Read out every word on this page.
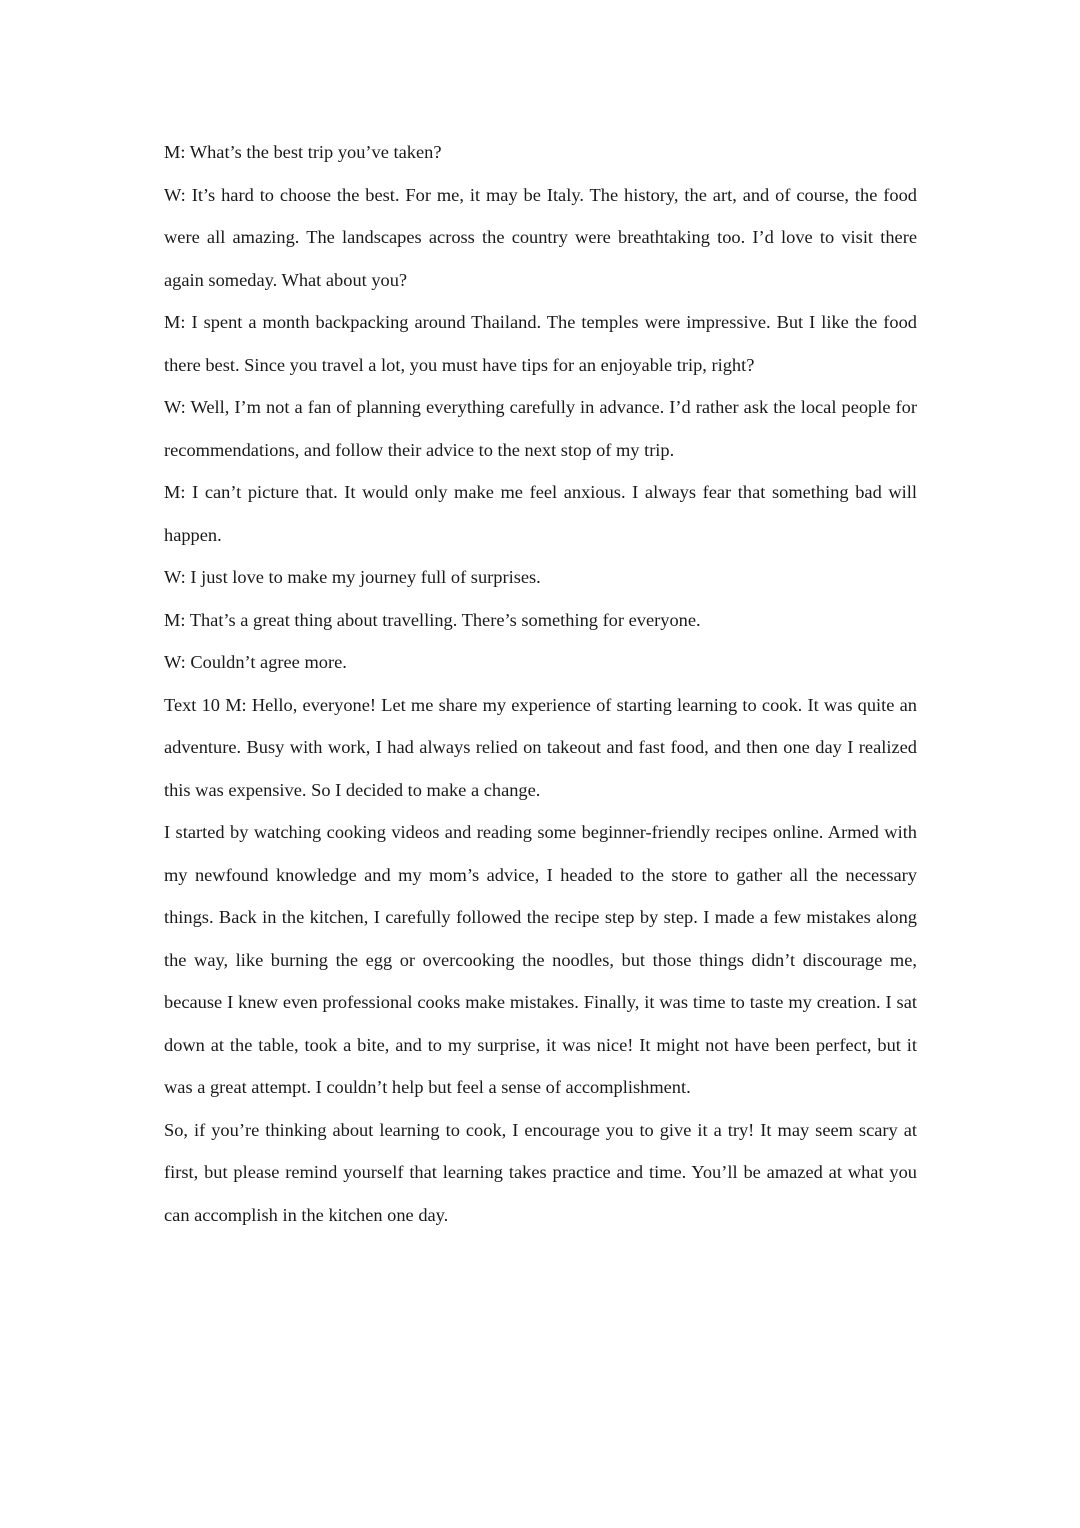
M: What’s the best trip you’ve taken?

W: It’s hard to choose the best. For me, it may be Italy. The history, the art, and of course, the food were all amazing. The landscapes across the country were breathtaking too. I’d love to visit there again someday. What about you?

M: I spent a month backpacking around Thailand. The temples were impressive. But I like the food there best. Since you travel a lot, you must have tips for an enjoyable trip, right?

W: Well, I’m not a fan of planning everything carefully in advance. I’d rather ask the local people for recommendations, and follow their advice to the next stop of my trip.

M: I can’t picture that. It would only make me feel anxious. I always fear that something bad will happen.

W: I just love to make my journey full of surprises.

M: That’s a great thing about travelling. There’s something for everyone.

W: Couldn’t agree more.

Text 10 M: Hello, everyone! Let me share my experience of starting learning to cook. It was quite an adventure. Busy with work, I had always relied on takeout and fast food, and then one day I realized this was expensive. So I decided to make a change.

I started by watching cooking videos and reading some beginner-friendly recipes online. Armed with my newfound knowledge and my mom’s advice, I headed to the store to gather all the necessary things. Back in the kitchen, I carefully followed the recipe step by step. I made a few mistakes along the way, like burning the egg or overcooking the noodles, but those things didn’t discourage me, because I knew even professional cooks make mistakes. Finally, it was time to taste my creation. I sat down at the table, took a bite, and to my surprise, it was nice! It might not have been perfect, but it was a great attempt. I couldn’t help but feel a sense of accomplishment.

So, if you’re thinking about learning to cook, I encourage you to give it a try! It may seem scary at first, but please remind yourself that learning takes practice and time. You’ll be amazed at what you can accomplish in the kitchen one day.
